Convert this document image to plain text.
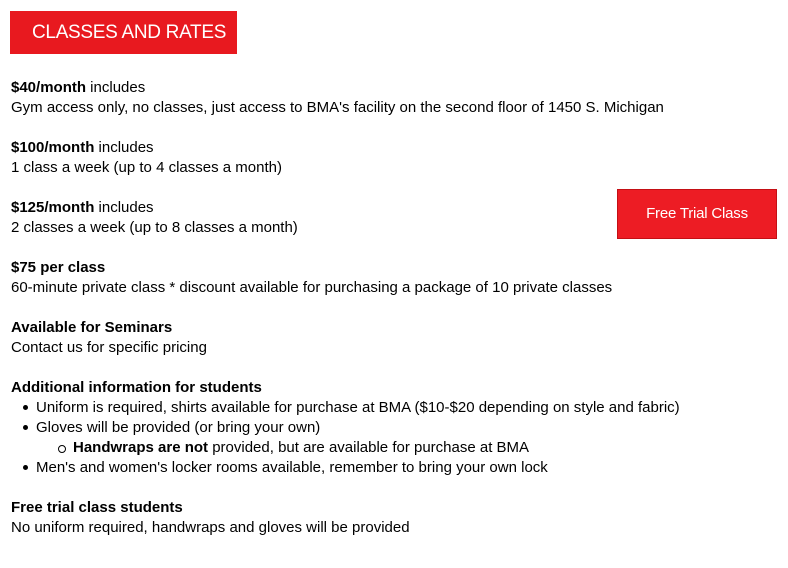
CLASSES AND RATES
Free Trial Class
$40/month includes
Gym access only, no classes, just access to BMA's facility on the second floor of 1450 S. Michigan
$100/month includes
1 class a week (up to 4 classes a month)
$125/month includes
2 classes a week (up to 8 classes a month)
$75 per class
60-minute private class * discount available for purchasing a package of 10 private classes
Available for Seminars
Contact us for specific pricing
Additional information for students
Uniform is required, shirts available for purchase at BMA ($10-$20 depending on style and fabric)
Gloves will be provided (or bring your own)
Handwraps are not provided, but are available for purchase at BMA
Men's and women's locker rooms available, remember to bring your own lock
Free trial class students
No uniform required, handwraps and gloves will be provided
